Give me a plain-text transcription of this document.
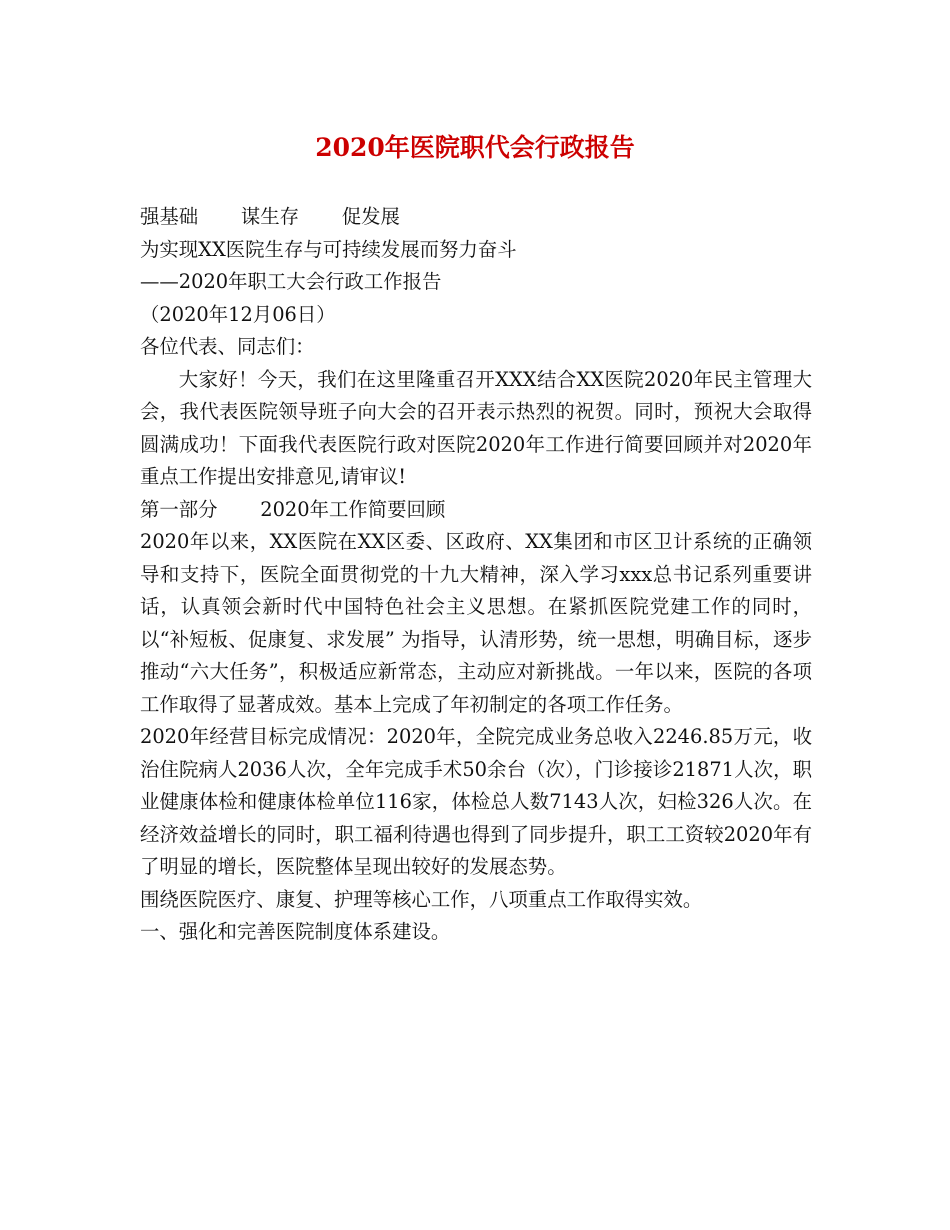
2020年医院职代会行政报告
强基础 谋生存 促发展
为实现XX医院生存与可持续发展而努力奋斗
——2020年职工大会行政工作报告
（2020年12月06日）
各位代表、同志们：

大家好！今天，我们在这里隆重召开XXX结合XX医院2020年民主管理大会，我代表医院领导班子向大会的召开表示热烈的祝贺。同时，预祝大会取得圆满成功！下面我代表医院行政对医院2020年工作进行简要回顾并对2020年重点工作提出安排意见,请审议!

第一部分 2020年工作简要回顾

2020年以来，XX医院在XX区委、区政府、XX集团和市区卫计系统的正确领导和支持下，医院全面贯彻党的十九大精神，深入学习xxx总书记系列重要讲话，认真领会新时代中国特色社会主义思想。在紧抓医院党建工作的同时，以“补短板、促康复、求发展” 为指导，认清形势，统一思想，明确目标，逐步推动“六大任务”，积极适应新常态，主动应对新挑战。一年以来，医院的各项工作取得了显著成效。基本上完成了年初制定的各项工作任务。

2020年经营目标完成情况：2020年，全院完成业务总收入2246.85万元，收治住院病人2036人次，全年完成手术50余台（次），门诊接诊21871人次，职业健康体检和健康体检单位116家，体检总人数7143人次，妇检326人次。在经济效益增长的同时，职工福利待遇也得到了同步提升，职工工资较2020年有了明显的增长，医院整体呈现出较好的发展态势。

围绕医院医疗、康复、护理等核心工作，八项重点工作取得实效。
一、强化和完善医院制度体系建设。
